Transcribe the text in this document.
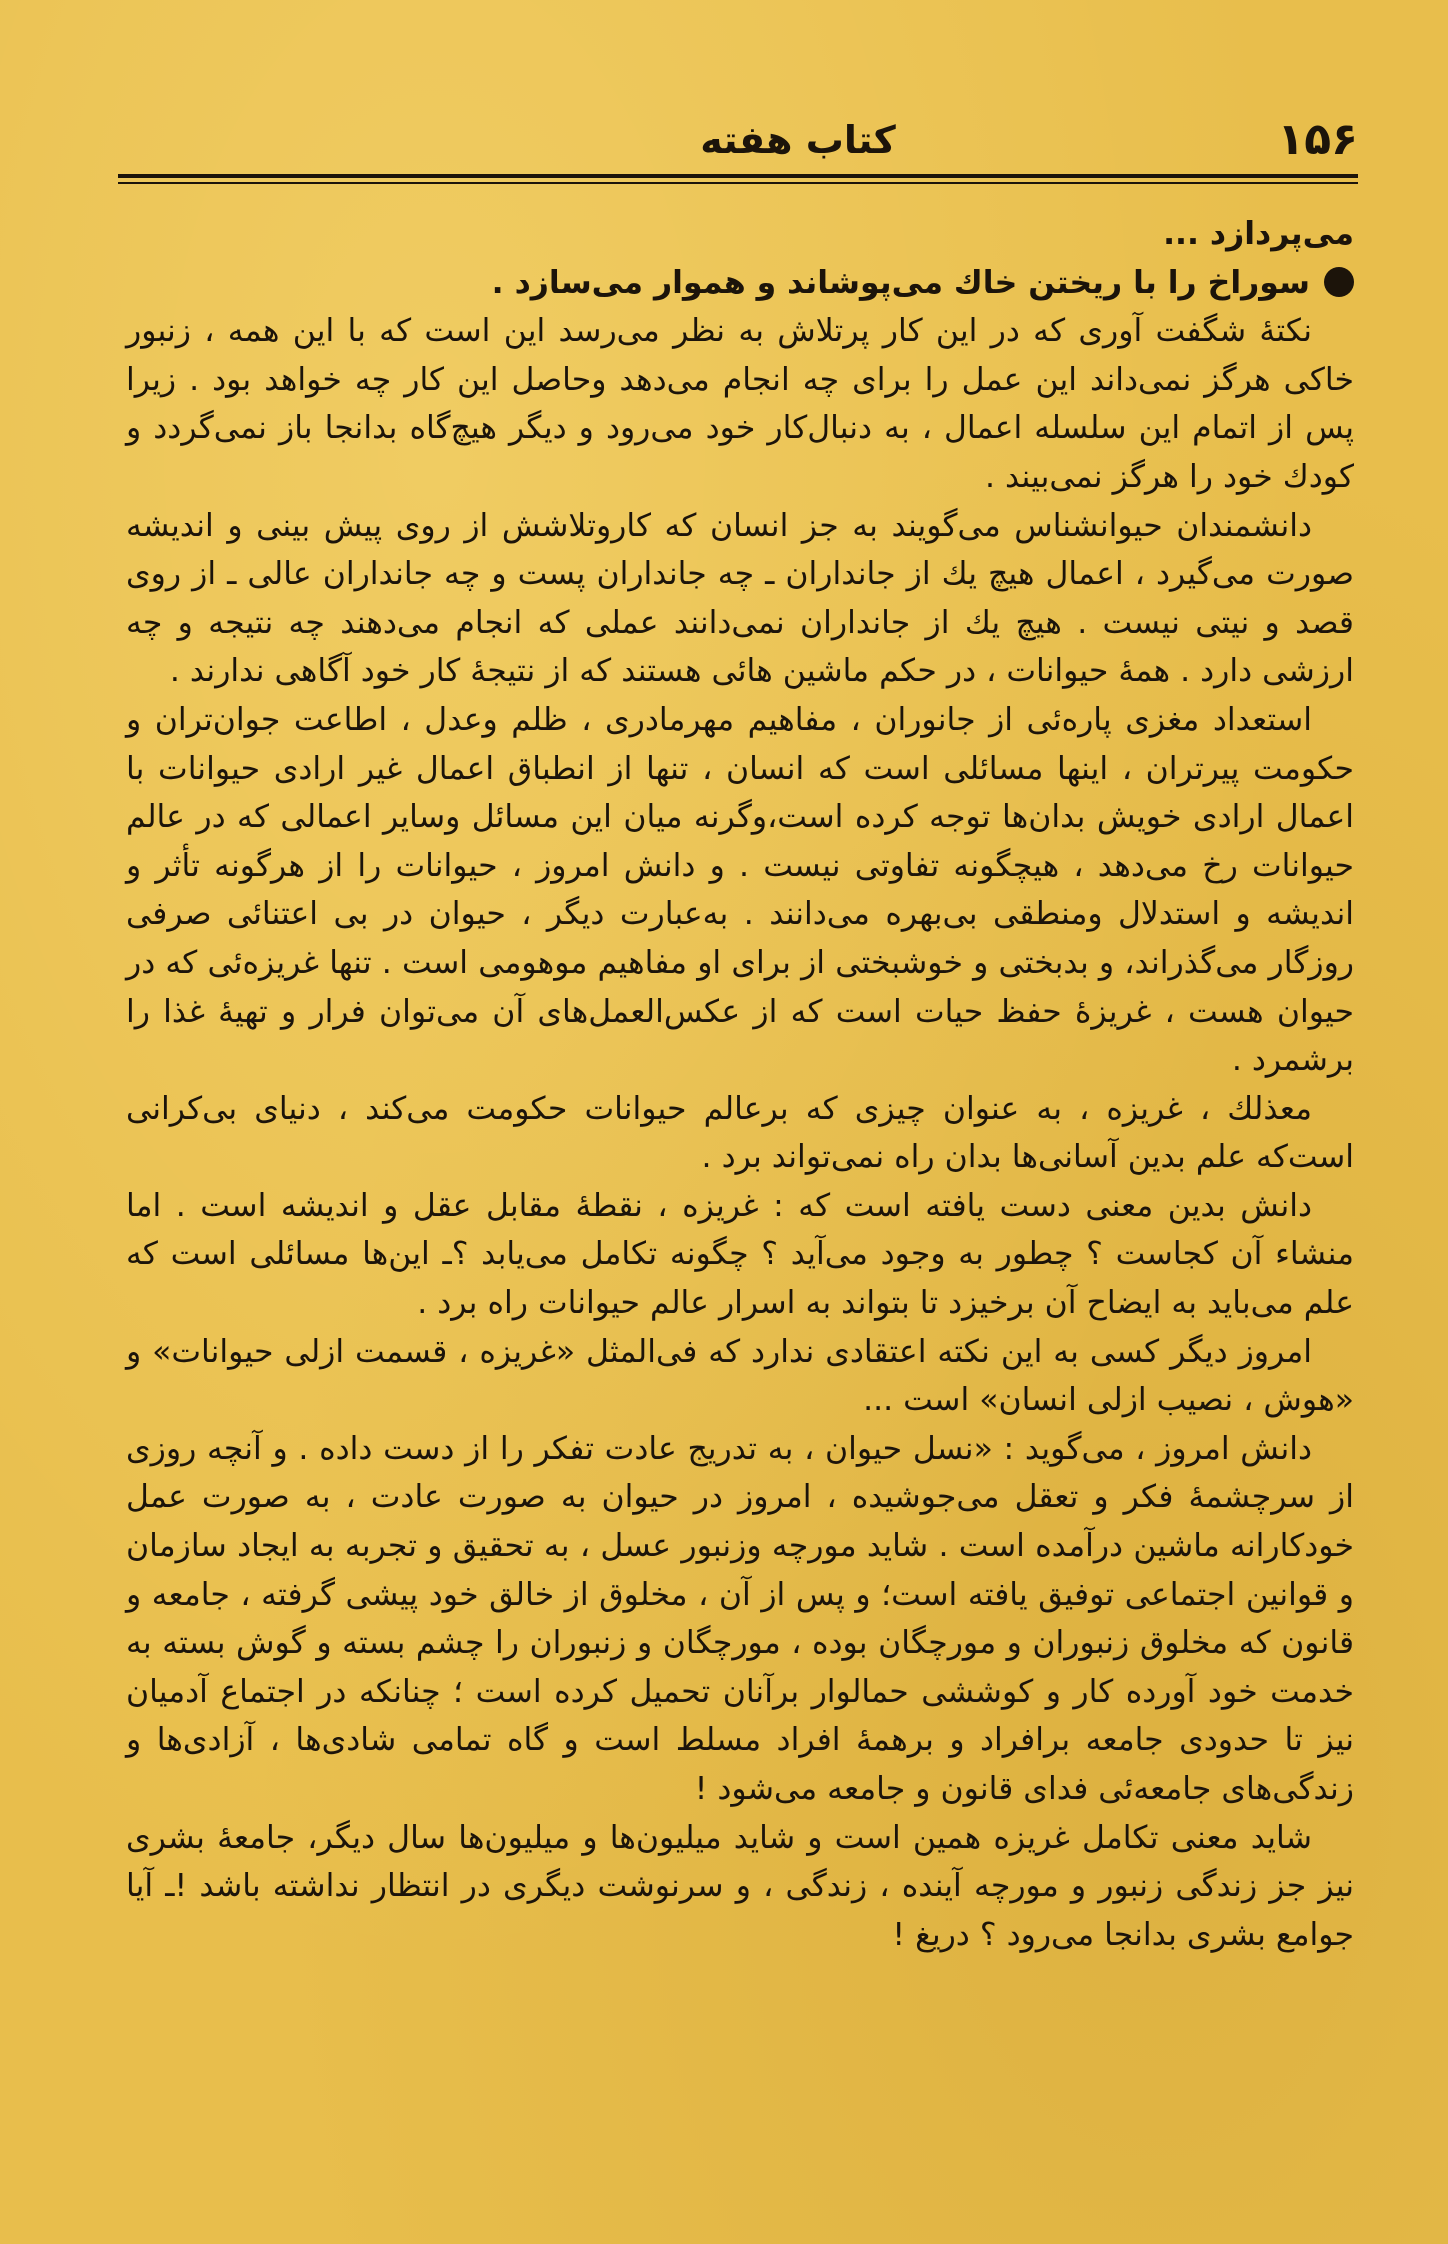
۱۵۶
کتاب هفته

می‌پردازد ...

سوراخ را با ریختن خاك می‌پوشاند و هموار می‌سازد .

نکتهٔ شگفت آوری که در این کار پرتلاش به نظر می‌رسد این است که با این همه ، زنبور خاکی هرگز نمی‌داند این عمل را برای چه انجام می‌دهد وحاصل این کار چه خواهد بود . زیرا پس از اتمام این سلسله اعمال ، به دنبال‌کار خود می‌رود و دیگر هیچ‌گاه بدانجا باز نمی‌گردد و کودك خود را هرگز نمی‌بیند .

دانشمندان حیوانشناس می‌گویند به جز انسان که کاروتلاشش از روی پیش بینی و اندیشه صورت می‌گیرد ، اعمال هیچ یك از جانداران ـ چه جانداران پست و چه جانداران عالی ـ از روی قصد و نیتی نیست . هیچ یك از جانداران نمی‌دانند عملی که انجام می‌دهند چه نتیجه و چه ارزشی دارد . همهٔ حیوانات ، در حکم ماشین هائی هستند که از نتیجهٔ کار خود آگاهی ندارند .

استعداد مغزی پاره‌ئی از جانوران ، مفاهیم مهرمادری ، ظلم وعدل ، اطاعت جوان‌تران و حکومت پیرتران ، اینها مسائلی است که انسان ، تنها از انطباق اعمال غیر ارادی حیوانات با اعمال ارادی خویش بدان‌ها توجه کرده است،وگرنه میان این مسائل وسایر اعمالی که در عالم حیوانات رخ می‌دهد ، هیچگونه تفاوتی نیست . و دانش امروز ، حیوانات را از هرگونه تأثر و اندیشه و استدلال ومنطقی بی‌بهره می‌دانند . به‌عبارت دیگر ، حیوان در بی اعتنائی صرفی روزگار می‌گذراند، و بدبختی و خوشبختی از برای او مفاهیم موهومی است . تنها غریزه‌ئی که در حیوان هست ، غریزهٔ حفظ حیات است که از عکس‌العمل‌های آن می‌توان فرار و تهیهٔ غذا را برشمرد .

معذلك ، غریزه ، به عنوان چیزی که برعالم حیوانات حکومت می‌کند ، دنیای بی‌کرانی است‌که علم بدین آسانی‌ها بدان راه نمی‌تواند برد .

دانش بدین معنی دست یافته است که : غریزه ، نقطهٔ مقابل عقل و اندیشه است . اما منشاء آن کجاست ؟ چطور به وجود می‌آید ؟ چگونه تکامل می‌یابد ؟ـ این‌ها مسائلی است که علم می‌باید به ایضاح آن برخیزد تا بتواند به اسرار عالم حیوانات راه برد .

امروز دیگر کسی به این نکته اعتقادی ندارد که فی‌المثل «غریزه ، قسمت ازلی حیوانات» و «هوش ، نصیب ازلی انسان» است ...

دانش امروز ، می‌گوید : «نسل حیوان ، به تدریج عادت تفکر را از دست داده . و آنچه روزی از سرچشمهٔ فکر و تعقل می‌جوشیده ، امروز در حیوان به صورت عادت ، به صورت عمل خودکارانه ماشین درآمده است . شاید مورچه وزنبور عسل ، به تحقیق و تجربه به ایجاد سازمان و قوانین اجتماعی توفیق یافته است؛ و پس از آن ، مخلوق از خالق خود پیشی گرفته ، جامعه و قانون که مخلوق زنبوران و مورچگان بوده ، مورچگان و زنبوران را چشم بسته و گوش بسته به خدمت خود آورده کار و کوششی حمالوار برآنان تحمیل کرده است ؛ چنانکه در اجتماع آدمیان نیز تا حدودی جامعه برافراد و برهمهٔ افراد مسلط است و گاه تمامی شادی‌ها ، آزادی‌ها و زندگی‌های جامعه‌ئی فدای قانون و جامعه می‌شود !

شاید معنی تکامل غریزه همین است و شاید میلیون‌ها و میلیون‌ها سال دیگر، جامعهٔ بشری نیز جز زندگی زنبور و مورچه آینده ، زندگی ، و سرنوشت دیگری در انتظار نداشته باشد !ـ آیا جوامع بشری بدانجا می‌رود ؟ دریغ !
